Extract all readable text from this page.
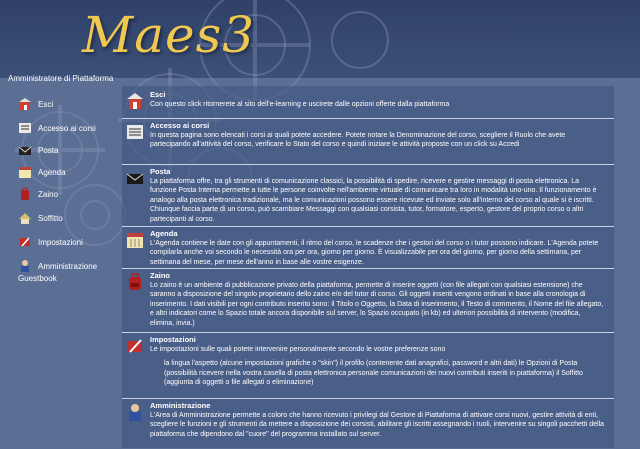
Maes3
Amministratore di Piattaforma
Esci
Accesso ai corsi
Posta
Agenda
Zaino
Soffitto
Impostazioni
Amministrazione
Guestbook
Esci
Con questo click ritornerete al sito dell'e-learning e uscirete dalle opzioni offerte dalla piattaforma
Accesso ai corsi
In questa pagina sono elencati i corsi ai quali potete accedere. Potete notare la Denominazione del corso, scegliere il Ruolo che avete partecipando all'attività del corso, verificare lo Stato del corso e quindi iniziare le attività proposte con un click su Accedi
Posta
La piattaforma offre, tra gli strumenti di comunicazione classici, la possibilità di spedire, ricevere e gestire messaggi di posta elettronica. La funzione Posta Interna permette a tutte le persone coinvolte nell'ambiente virtuale di comunicare tra loro in modalità uno-uno. Il funzionamento è analogo alla posta elettronica tradizionale, ma le comunicazioni possono essere ricevute ed inviate solo all'interno del corso al quale si è iscritti. Chiunque faccia parte di un corso, può scambiare Messaggi con qualsiasi corsista, tutor, formatore, esperto, gestore del proprio corso o altri partecipanti al corso.
Agenda
L'Agenda contiene le date con gli appuntamenti, il ritmo del corso, le scadenze che i gestori del corso o i tutor possono indicare. L'Agenda potete compilarla anche voi secondo le necessità ora per ora, giorno per giorno. È visualizzabile per ora del giorno, per giorno della settimana, per settimana del mese, per mese dell'anno in base alle vostre esigenze.
Zaino
Lo zaino è un ambiente di pubblicazione privato della piattaforma, permette di inserire oggetti (con file allegati con qualsiasi estensione) che saranno a disposizione del singolo proprietario dello zaino e/o del tutor di corso. Gli oggetti inseriti vengono ordinati in base alla cronologia di inserimento. I dati visibili per ogni contributo inserito sono: il Titolo o Oggetto, la Data di inserimento, il Testo di commento, il Nome del file allegato, e altri indicatori come lo Spazio totale ancora disponibile sul server, lo Spazio occupato (in kb) ed ulteriori possibilità di intervento (modifica, elimina, invia.)
Impostazioni
Le impostazioni sulle quali potete intervenire personalmente secondo le vostre preferenze sono
la lingua l'aspetto (alcune impostazioni grafiche o "skin") il profilo (contenente dati anagrafici, password e altri dati) le Opzioni di Posta (possibilità ricevere nella vostra casella di posta elettronica personale comunicazioni dei nuovi contributi inseriti in piattaforma) il Soffitto (aggiunta di oggetti o file allegati o eliminazione)
Amministrazione
L'Area di Amministrazione permette a coloro che hanno ricevuto i privilegi dal Gestore di Piattaforma di attivare corsi nuovi, gestire attività di enti, scegliere le funzioni e gli strumenti da mettere a disposizione dei corsisti, abilitare gli iscritti assegnando i ruoli, intervenire su singoli pacchetti della piattaforma che dipendono dal "cuore" del programma installato sul server.
